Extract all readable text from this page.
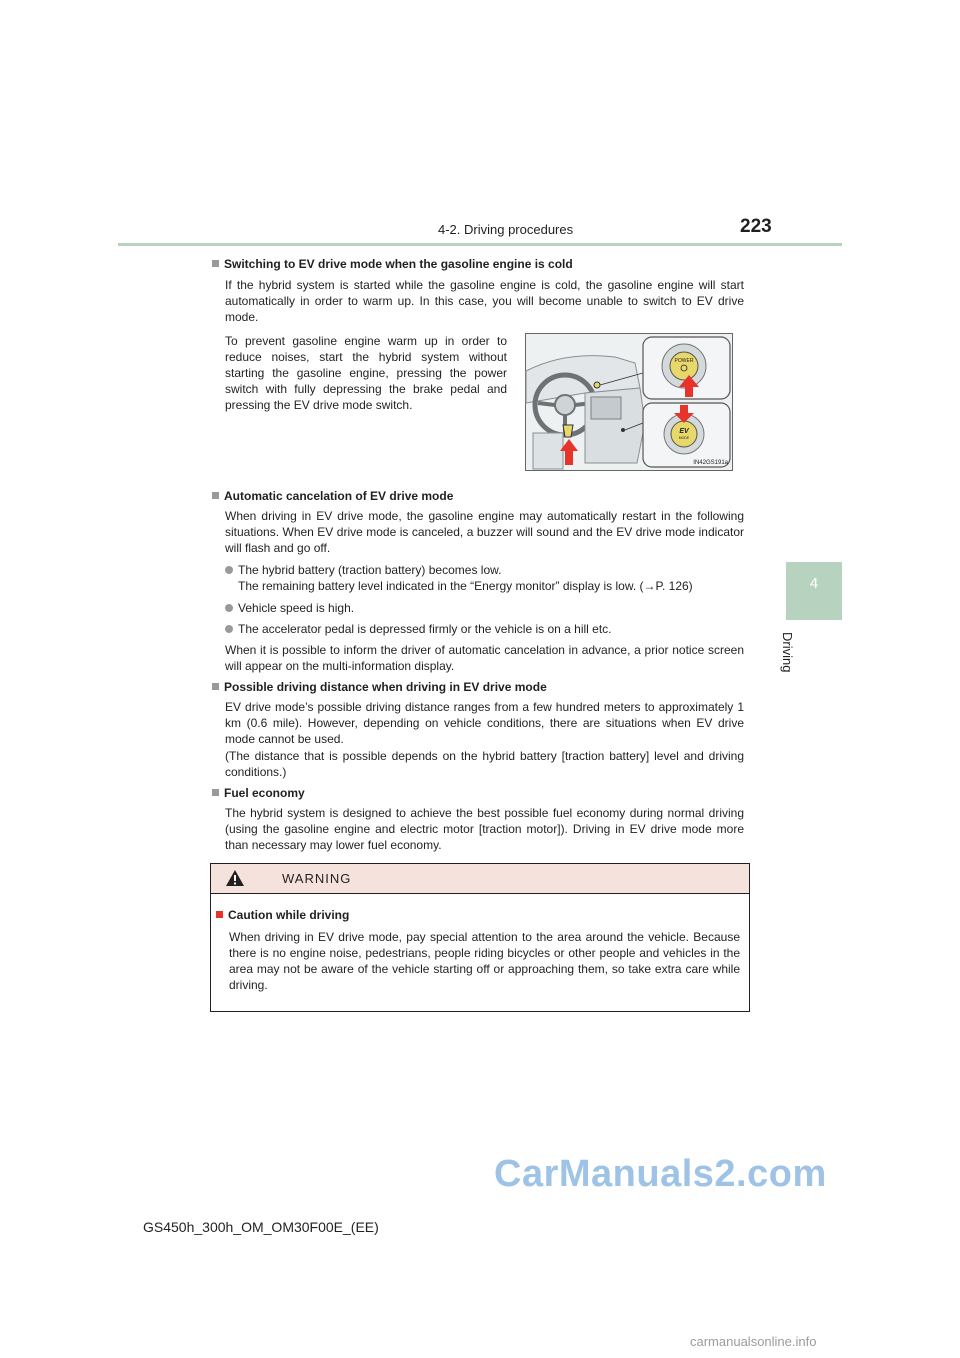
4-2. Driving procedures	223
4
Driving
Switching to EV drive mode when the gasoline engine is cold
If the hybrid system is started while the gasoline engine is cold, the gasoline engine will start automatically in order to warm up. In this case, you will become unable to switch to EV drive mode.
To prevent gasoline engine warm up in order to reduce noises, start the hybrid system without starting the gasoline engine, pressing the power switch with fully depressing the brake pedal and pressing the EV drive mode switch.
POWER
EV
MODE
IN42GS191a
Automatic cancelation of EV drive mode
When driving in EV drive mode, the gasoline engine may automatically restart in the following situations. When EV drive mode is canceled, a buzzer will sound and the EV drive mode indicator will flash and go off.
The hybrid battery (traction battery) becomes low.
The remaining battery level indicated in the “Energy monitor” display is low. (→P. 126)
Vehicle speed is high.
The accelerator pedal is depressed firmly or the vehicle is on a hill etc.
When it is possible to inform the driver of automatic cancelation in advance, a prior notice screen will appear on the multi-information display.
Possible driving distance when driving in EV drive mode
EV drive mode’s possible driving distance ranges from a few hundred meters to approximately 1 km (0.6 mile). However, depending on vehicle conditions, there are situations when EV drive mode cannot be used.
(The distance that is possible depends on the hybrid battery [traction battery] level and driving conditions.)
Fuel economy
The hybrid system is designed to achieve the best possible fuel economy during normal driving (using the gasoline engine and electric motor [traction motor]). Driving in EV drive mode more than necessary may lower fuel economy.
WARNING
Caution while driving
When driving in EV drive mode, pay special attention to the area around the vehicle. Because there is no engine noise, pedestrians, people riding bicycles or other people and vehicles in the area may not be aware of the vehicle starting off or approaching them, so take extra care while driving.
GS450h_300h_OM_OM30F00E_(EE)
CarManuals2.com
carmanualsonline.info
